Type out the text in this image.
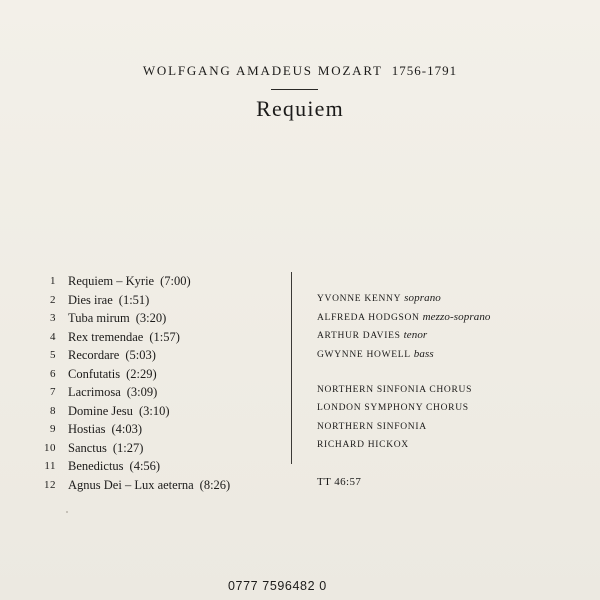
WOLFGANG AMADEUS MOZART 1756-1791
Requiem
1 Requiem – Kyrie (7:00)
2 Dies irae (1:51)
3 Tuba mirum (3:20)
4 Rex tremendae (1:57)
5 Recordare (5:03)
6 Confutatis (2:29)
7 Lacrimosa (3:09)
8 Domine Jesu (3:10)
9 Hostias (4:03)
10 Sanctus (1:27)
11 Benedictus (4:56)
12 Agnus Dei – Lux aeterna (8:26)
YVONNE KENNY soprano
ALFREDA HODGSON mezzo-soprano
ARTHUR DAVIES tenor
GWYNNE HOWELL bass
NORTHERN SINFONIA CHORUS
LONDON SYMPHONY CHORUS
NORTHERN SINFONIA
RICHARD HICKOX
TT 46:57
0777 7596482 0
